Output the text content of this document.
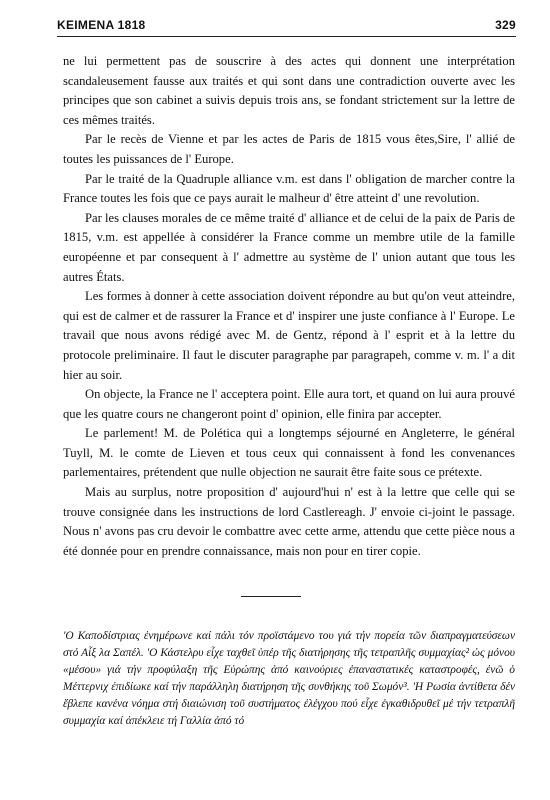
KEIMENA 1818	329

ne lui permettent pas de souscrire à des actes qui donnent une interprétation scandaleusement fausse aux traités et qui sont dans une contradiction ouverte avec les principes que son cabinet a suivis depuis trois ans, se fondant strictement sur la lettre de ces mêmes traités.

Par le recès de Vienne et par les actes de Paris de 1815 vous êtes,Sire, l' allié de toutes les puissances de l' Europe.

Par le traité de la Quadruple alliance v.m. est dans l' obligation de marcher contre la France toutes les fois que ce pays aurait le malheur d' être atteint d' une revolution.

Par les clauses morales de ce même traité d' alliance et de celui de la paix de Paris de 1815, v.m. est appellée à considérer la France comme un membre utile de la famille européenne et par consequent à l' admettre au système de l' union autant que tous les autres États.

Les formes à donner à cette association doivent répondre au but qu'on veut atteindre, qui est de calmer et de rassurer la France et d' inspirer une juste confiance à l' Europe. Le travail que nous avons rédigé avec M. de Gentz, répond à l' esprit et à la lettre du protocole preliminaire. Il faut le discuter paragraphe par paragrapeh, comme v. m. l' a dit hier au soir.

On objecte, la France ne l' acceptera point. Elle aura tort, et quand on lui aura prouvé que les quatre cours ne changeront point d' opinion, elle finira par accepter.

Le parlement! M. de Polética qui a longtemps séjourné en Angleterre, le général Tuyll, M. le comte de Lieven et tous ceux qui connaissent à fond les convenances parlementaires, prétendent que nulle objection ne saurait être faite sous ce prétexte.

Mais au surplus, notre proposition d' aujourd'hui n' est à la lettre que celle qui se trouve consignée dans les instructions de lord Castlereagh. J' envoie ci-joint le passage. Nous n' avons pas cru devoir le combattre avec cette arme, attendu que cette pièce nous a été donnée pour en prendre connaissance, mais non pour en tirer copie.

'Ο Καποδίστριας ἐνημέρωνε καί πάλι τόν προϊστάμενο του γιά τήν πορεία τῶν διαπραγματεύσεων στό Αἶξ λα Σαπέλ. 'Ο Κάστελρυ εἶχε ταχθεῖ ὑπέρ τῆς διατήρησης τῆς τετραπλῆς συμμαχίας² ὡς μόνου «μέσου» γιά τήν προφύλαξη τῆς Εὐρώπης ἀπό καινούριες ἐπαναστατικές καταστροφές, ἐνῶ ὁ Μέττερνιχ ἐπιδίωκε καί τήν παράλληλη διατήρηση τῆς συνθήκης τοῦ Σωμόν³. 'Η Ρωσία ἀντίθετα δέν ἔβλεπε κανένα νόημα στή διαιώνιση τοῦ συστήματος ἐλέγχου πού εἶχε ἐγκαθιδρυθεῖ μέ τήν τετραπλῆ συμμαχία καί ἀπέκλειε τή Γαλλία ἀπό τό
